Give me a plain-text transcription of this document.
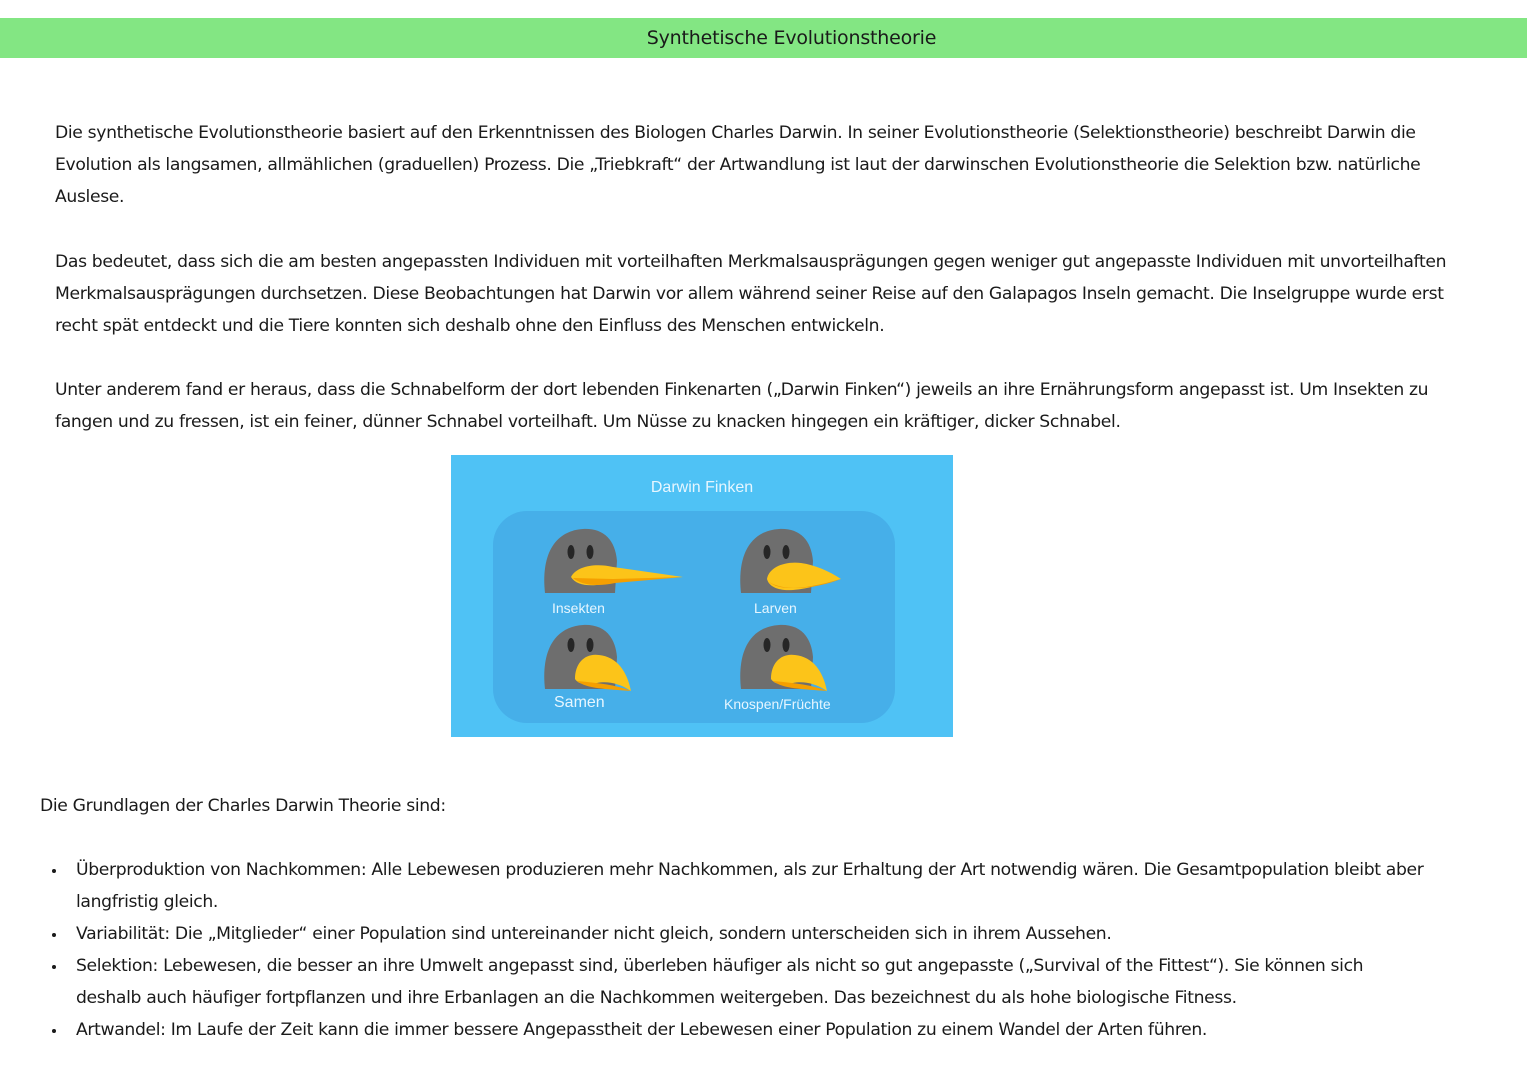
Synthetische Evolutionstheorie

Die synthetische Evolutionstheorie basiert auf den Erkenntnissen des Biologen Charles Darwin. In seiner Evolutionstheorie (Selektionstheorie) beschreibt Darwin die Evolution als langsamen, allmählichen (graduellen) Prozess. Die „Triebkraft“ der Artwandlung ist laut der darwinschen Evolutionstheorie die Selektion bzw. natürliche Auslese.

Das bedeutet, dass sich die am besten angepassten Individuen mit vorteilhaften Merkmalsausprägungen gegen weniger gut angepasste Individuen mit unvorteilhaften Merkmalsausprägungen durchsetzen. Diese Beobachtungen hat Darwin vor allem während seiner Reise auf den Galapagos Inseln gemacht. Die Inselgruppe wurde erst recht spät entdeckt und die Tiere konnten sich deshalb ohne den Einfluss des Menschen entwickeln.

Unter anderem fand er heraus, dass die Schnabelform der dort lebenden Finkenarten („Darwin Finken“) jeweils an ihre Ernährungsform angepasst ist. Um Insekten zu fangen und zu fressen, ist ein feiner, dünner Schnabel vorteilhaft. Um Nüsse zu knacken hingegen ein kräftiger, dicker Schnabel.

Darwin Finken
Insekten	Larven
Samen	Knospen/Früchte

Die Grundlagen der Charles Darwin Theorie sind:

Überproduktion von Nachkommen: Alle Lebewesen produzieren mehr Nachkommen, als zur Erhaltung der Art notwendig wären. Die Gesamtpopulation bleibt aber langfristig gleich.
Variabilität: Die „Mitglieder“ einer Population sind untereinander nicht gleich, sondern unterscheiden sich in ihrem Aussehen.
Selektion: Lebewesen, die besser an ihre Umwelt angepasst sind, überleben häufiger als nicht so gut angepasste („Survival of the Fittest“). Sie können sich deshalb auch häufiger fortpflanzen und ihre Erbanlagen an die Nachkommen weitergeben. Das bezeichnest du als hohe biologische Fitness.
Artwandel: Im Laufe der Zeit kann die immer bessere Angepasstheit der Lebewesen einer Population zu einem Wandel der Arten führen.
